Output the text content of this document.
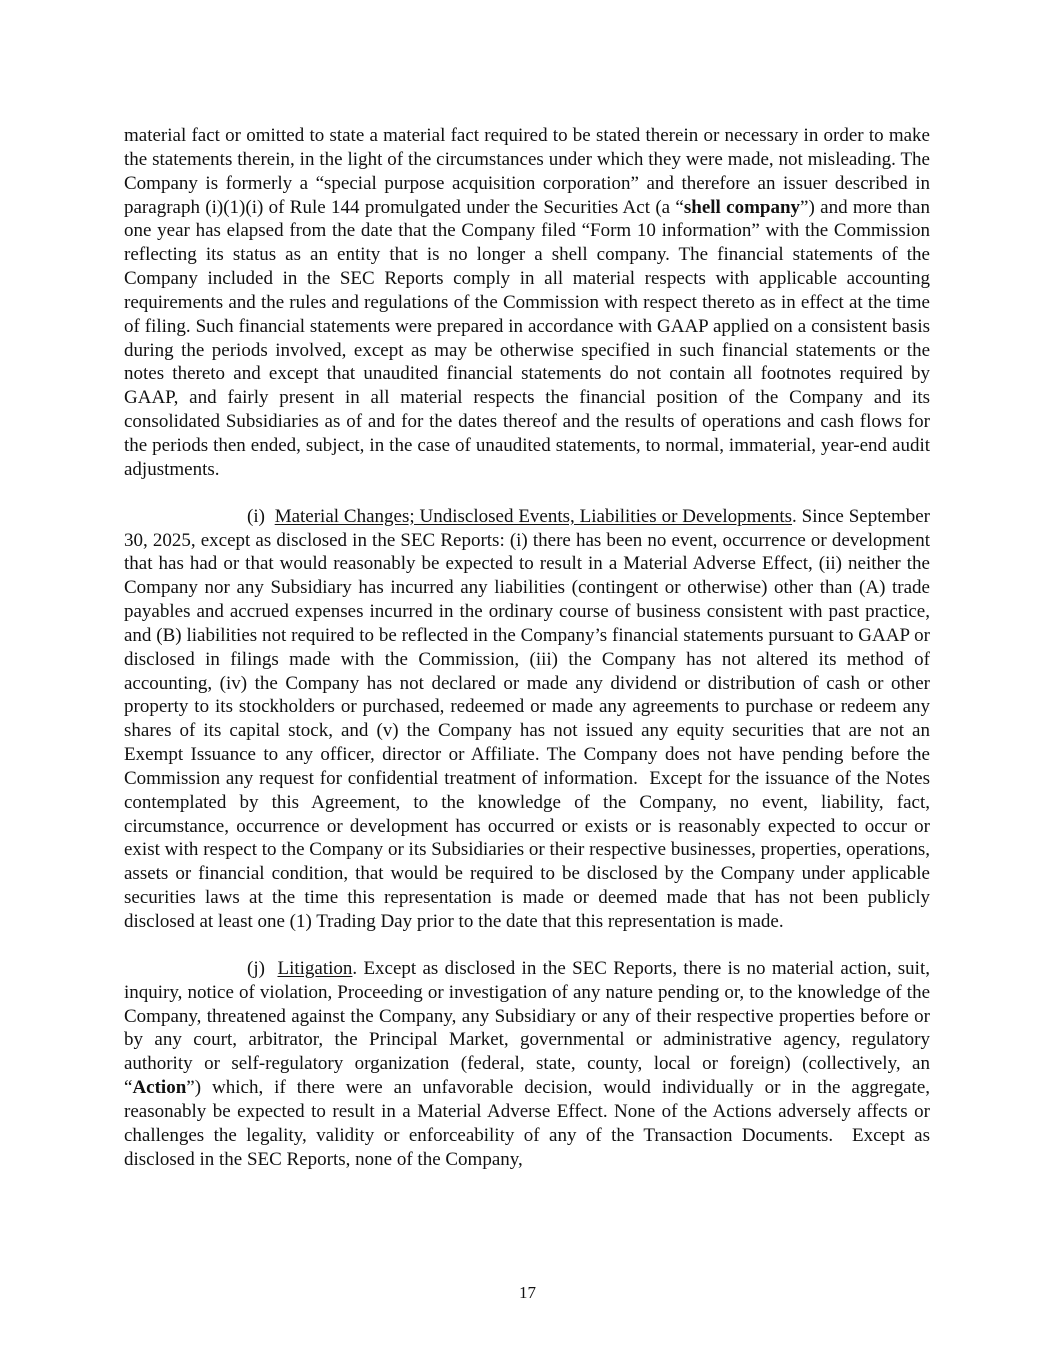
material fact or omitted to state a material fact required to be stated therein or necessary in order to make the statements therein, in the light of the circumstances under which they were made, not misleading. The Company is formerly a “special purpose acquisition corporation” and therefore an issuer described in paragraph (i)(1)(i) of Rule 144 promulgated under the Securities Act (a “shell company”) and more than one year has elapsed from the date that the Company filed “Form 10 information” with the Commission reflecting its status as an entity that is no longer a shell company. The financial statements of the Company included in the SEC Reports comply in all material respects with applicable accounting requirements and the rules and regulations of the Commission with respect thereto as in effect at the time of filing. Such financial statements were prepared in accordance with GAAP applied on a consistent basis during the periods involved, except as may be otherwise specified in such financial statements or the notes thereto and except that unaudited financial statements do not contain all footnotes required by GAAP, and fairly present in all material respects the financial position of the Company and its consolidated Subsidiaries as of and for the dates thereof and the results of operations and cash flows for the periods then ended, subject, in the case of unaudited statements, to normal, immaterial, year-end audit adjustments.

(i)  Material Changes; Undisclosed Events, Liabilities or Developments. Since September 30, 2025, except as disclosed in the SEC Reports: (i) there has been no event, occurrence or development that has had or that would reasonably be expected to result in a Material Adverse Effect, (ii) neither the Company nor any Subsidiary has incurred any liabilities (contingent or otherwise) other than (A) trade payables and accrued expenses incurred in the ordinary course of business consistent with past practice, and (B) liabilities not required to be reflected in the Company’s financial statements pursuant to GAAP or disclosed in filings made with the Commission, (iii) the Company has not altered its method of accounting, (iv) the Company has not declared or made any dividend or distribution of cash or other property to its stockholders or purchased, redeemed or made any agreements to purchase or redeem any shares of its capital stock, and (v) the Company has not issued any equity securities that are not an Exempt Issuance to any officer, director or Affiliate. The Company does not have pending before the Commission any request for confidential treatment of information.  Except for the issuance of the Notes contemplated by this Agreement, to the knowledge of the Company, no event, liability, fact, circumstance, occurrence or development has occurred or exists or is reasonably expected to occur or exist with respect to the Company or its Subsidiaries or their respective businesses, properties, operations, assets or financial condition, that would be required to be disclosed by the Company under applicable securities laws at the time this representation is made or deemed made that has not been publicly disclosed at least one (1) Trading Day prior to the date that this representation is made.

(j)  Litigation. Except as disclosed in the SEC Reports, there is no material action, suit, inquiry, notice of violation, Proceeding or investigation of any nature pending or, to the knowledge of the Company, threatened against the Company, any Subsidiary or any of their respective properties before or by any court, arbitrator, the Principal Market, governmental or administrative agency, regulatory authority or self-regulatory organization (federal, state, county, local or foreign) (collectively, an “Action”) which, if there were an unfavorable decision, would individually or in the aggregate, reasonably be expected to result in a Material Adverse Effect. None of the Actions adversely affects or challenges the legality, validity or enforceability of any of the Transaction Documents.  Except as disclosed in the SEC Reports, none of the Company,

17
